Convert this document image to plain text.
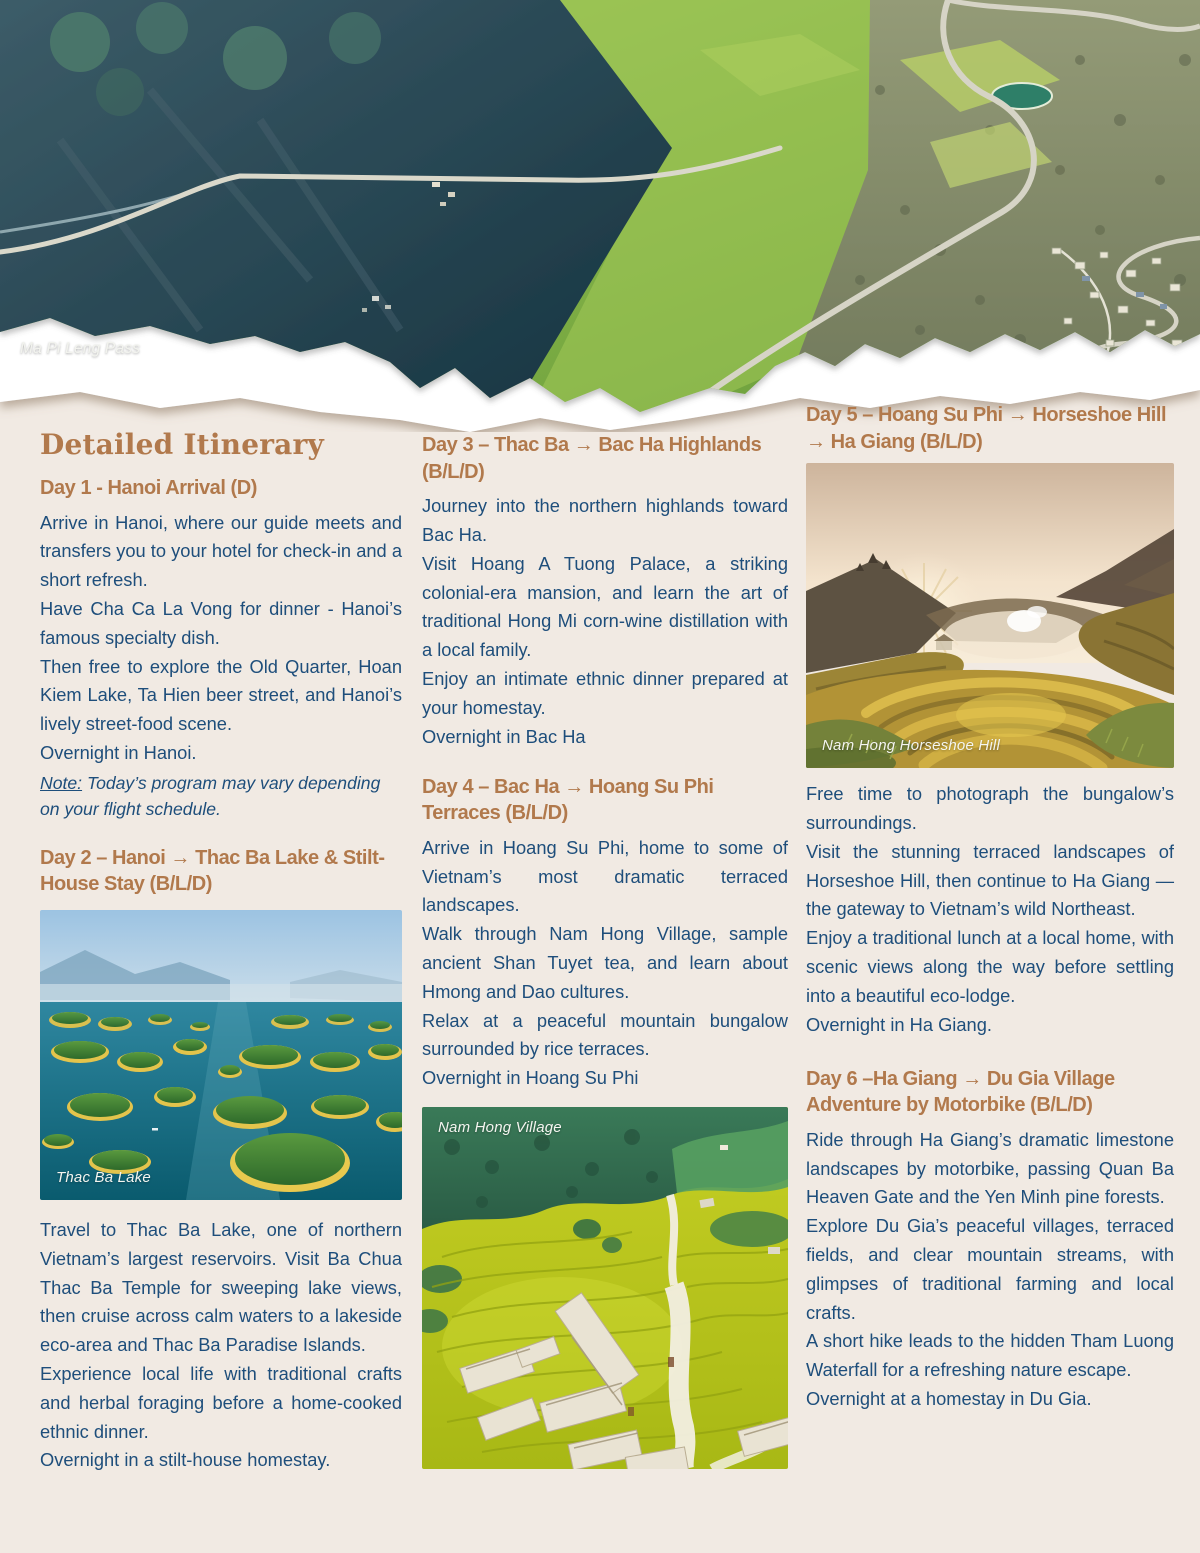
Ma Pi Leng Pass
Detailed Itinerary
Day 1 - Hanoi Arrival (D)

Arrive in Hanoi, where our guide meets and transfers you to your hotel for check-in and a short refresh.

Have Cha Ca La Vong for dinner - Hanoi’s famous specialty dish.

Then free to explore the Old Quarter, Hoan Kiem Lake, Ta Hien beer street, and Hanoi’s lively street-food scene.

Overnight in Hanoi.

Note: Today’s program may vary depending on your flight schedule.

Day 2 – Hanoi → Thac Ba Lake & Stilt-House Stay (B/L/D)
Thac Ba Lake

Travel to Thac Ba Lake, one of northern Vietnam’s largest reservoirs. Visit Ba Chua Thac Ba Temple for sweeping lake views, then cruise across calm waters to a lakeside eco-area and Thac Ba Paradise Islands.

Experience local life with traditional crafts and herbal foraging before a home-cooked ethnic dinner.

Overnight in a stilt-house homestay.

Day 3 – Thac Ba → Bac Ha Highlands (B/L/D)

Journey into the northern highlands toward Bac Ha.

Visit Hoang A Tuong Palace, a striking colonial-era mansion, and learn the art of traditional Hong Mi corn-wine distillation with a local family.

Enjoy an intimate ethnic dinner prepared at your homestay.

Overnight in Bac Ha

Day 4 – Bac Ha → Hoang Su Phi Terraces (B/L/D)

Arrive in Hoang Su Phi, home to some of Vietnam’s most dramatic terraced landscapes.

Walk through Nam Hong Village, sample ancient Shan Tuyet tea, and learn about Hmong and Dao cultures.

Relax at a peaceful mountain bungalow surrounded by rice terraces.

Overnight in Hoang Su Phi

Nam Hong Village
Day 5 – Hoang Su Phi → Horseshoe Hill → Ha Giang (B/L/D)
Nam Hong Horseshoe Hill

Free time to photograph the bungalow’s surroundings.

Visit the stunning terraced landscapes of Horseshoe Hill, then continue to Ha Giang — the gateway to Vietnam’s wild Northeast.

Enjoy a traditional lunch at a local home, with scenic views along the way before settling into a beautiful eco-lodge.

Overnight in Ha Giang.

Day 6 –Ha Giang → Du Gia Village Adventure by Motorbike (B/L/D)

Ride through Ha Giang’s dramatic limestone landscapes by motorbike, passing Quan Ba Heaven Gate and the Yen Minh pine forests.

Explore Du Gia’s peaceful villages, terraced fields, and clear mountain streams, with glimpses of traditional farming and local crafts.

A short hike leads to the hidden Tham Luong Waterfall for a refreshing nature escape.

Overnight at a homestay in Du Gia.
